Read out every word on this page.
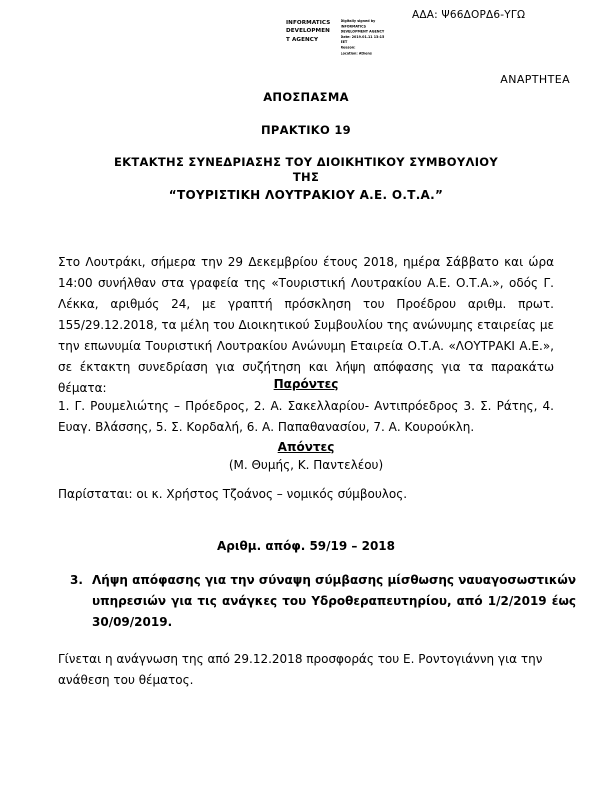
ΑΔΑ: Ψ66ΔΟΡΔ6-ΥΓΩ
INFORMATICS
DEVELOPMEN
T AGENCY
Digitally signed by
INFORMATICS
DEVELOPMENT AGENCY
Date: 2019.01.11 13:15
EET
Reason:
Location: Athens
ΑΝΑΡΤΗΤΕΑ
ΑΠΟΣΠΑΣΜΑ
ΠΡΑΚΤΙΚΟ 19
ΕΚΤΑΚΤΗΣ ΣΥΝΕΔΡΙΑΣΗΣ ΤΟΥ ΔΙΟΙΚΗΤΙΚΟΥ ΣΥΜΒΟΥΛΙΟΥ
ΤΗΣ
“ΤΟΥΡΙΣΤΙΚΗ ΛΟΥΤΡΑΚΙΟΥ Α.Ε. Ο.Τ.Α.”
Στο Λουτράκι, σήμερα την 29 Δεκεμβρίου έτους 2018, ημέρα Σάββατο και ώρα 14:00 συνήλθαν στα γραφεία της «Τουριστική Λουτρακίου Α.Ε. Ο.Τ.Α.», οδός Γ. Λέκκα, αριθμός 24, με γραπτή πρόσκληση του Προέδρου αριθμ. πρωτ. 155/29.12.2018, τα μέλη του Διοικητικού Συμβουλίου της ανώνυμης εταιρείας με την επωνυμία Τουριστική Λουτρακίου Ανώνυμη Εταιρεία Ο.Τ.Α. «ΛΟΥΤΡΑΚΙ Α.Ε.», σε έκτακτη συνεδρίαση για συζήτηση και λήψη απόφασης για τα παρακάτω θέματα:	Παρόντες
1. Γ. Ρουμελιώτης – Πρόεδρος, 2. Α. Σακελλαρίου- Αντιπρόεδρος 3. Σ. Ράτης, 4. Ευαγ. Βλάσσης, 5. Σ. Κορδαλή, 6. Α. Παπαθανασίου, 7. Α. Κουρούκλη.
Απόντες
(Μ. Θυμής, Κ. Παντελέου)
Παρίσταται: οι κ. Χρήστος Τζοάνος – νομικός σύμβουλος.
Αριθμ. απόφ. 59/19 – 2018
3. Λήψη απόφασης για την σύναψη σύμβασης μίσθωσης ναυαγοσωστικών υπηρεσιών για τις ανάγκες του Υδροθεραπευτηρίου, από 1/2/2019 έως 30/09/2019.
Γίνεται η ανάγνωση της από 29.12.2018 προσφοράς του Ε. Ροντογιάννη για την ανάθεση του θέματος.
